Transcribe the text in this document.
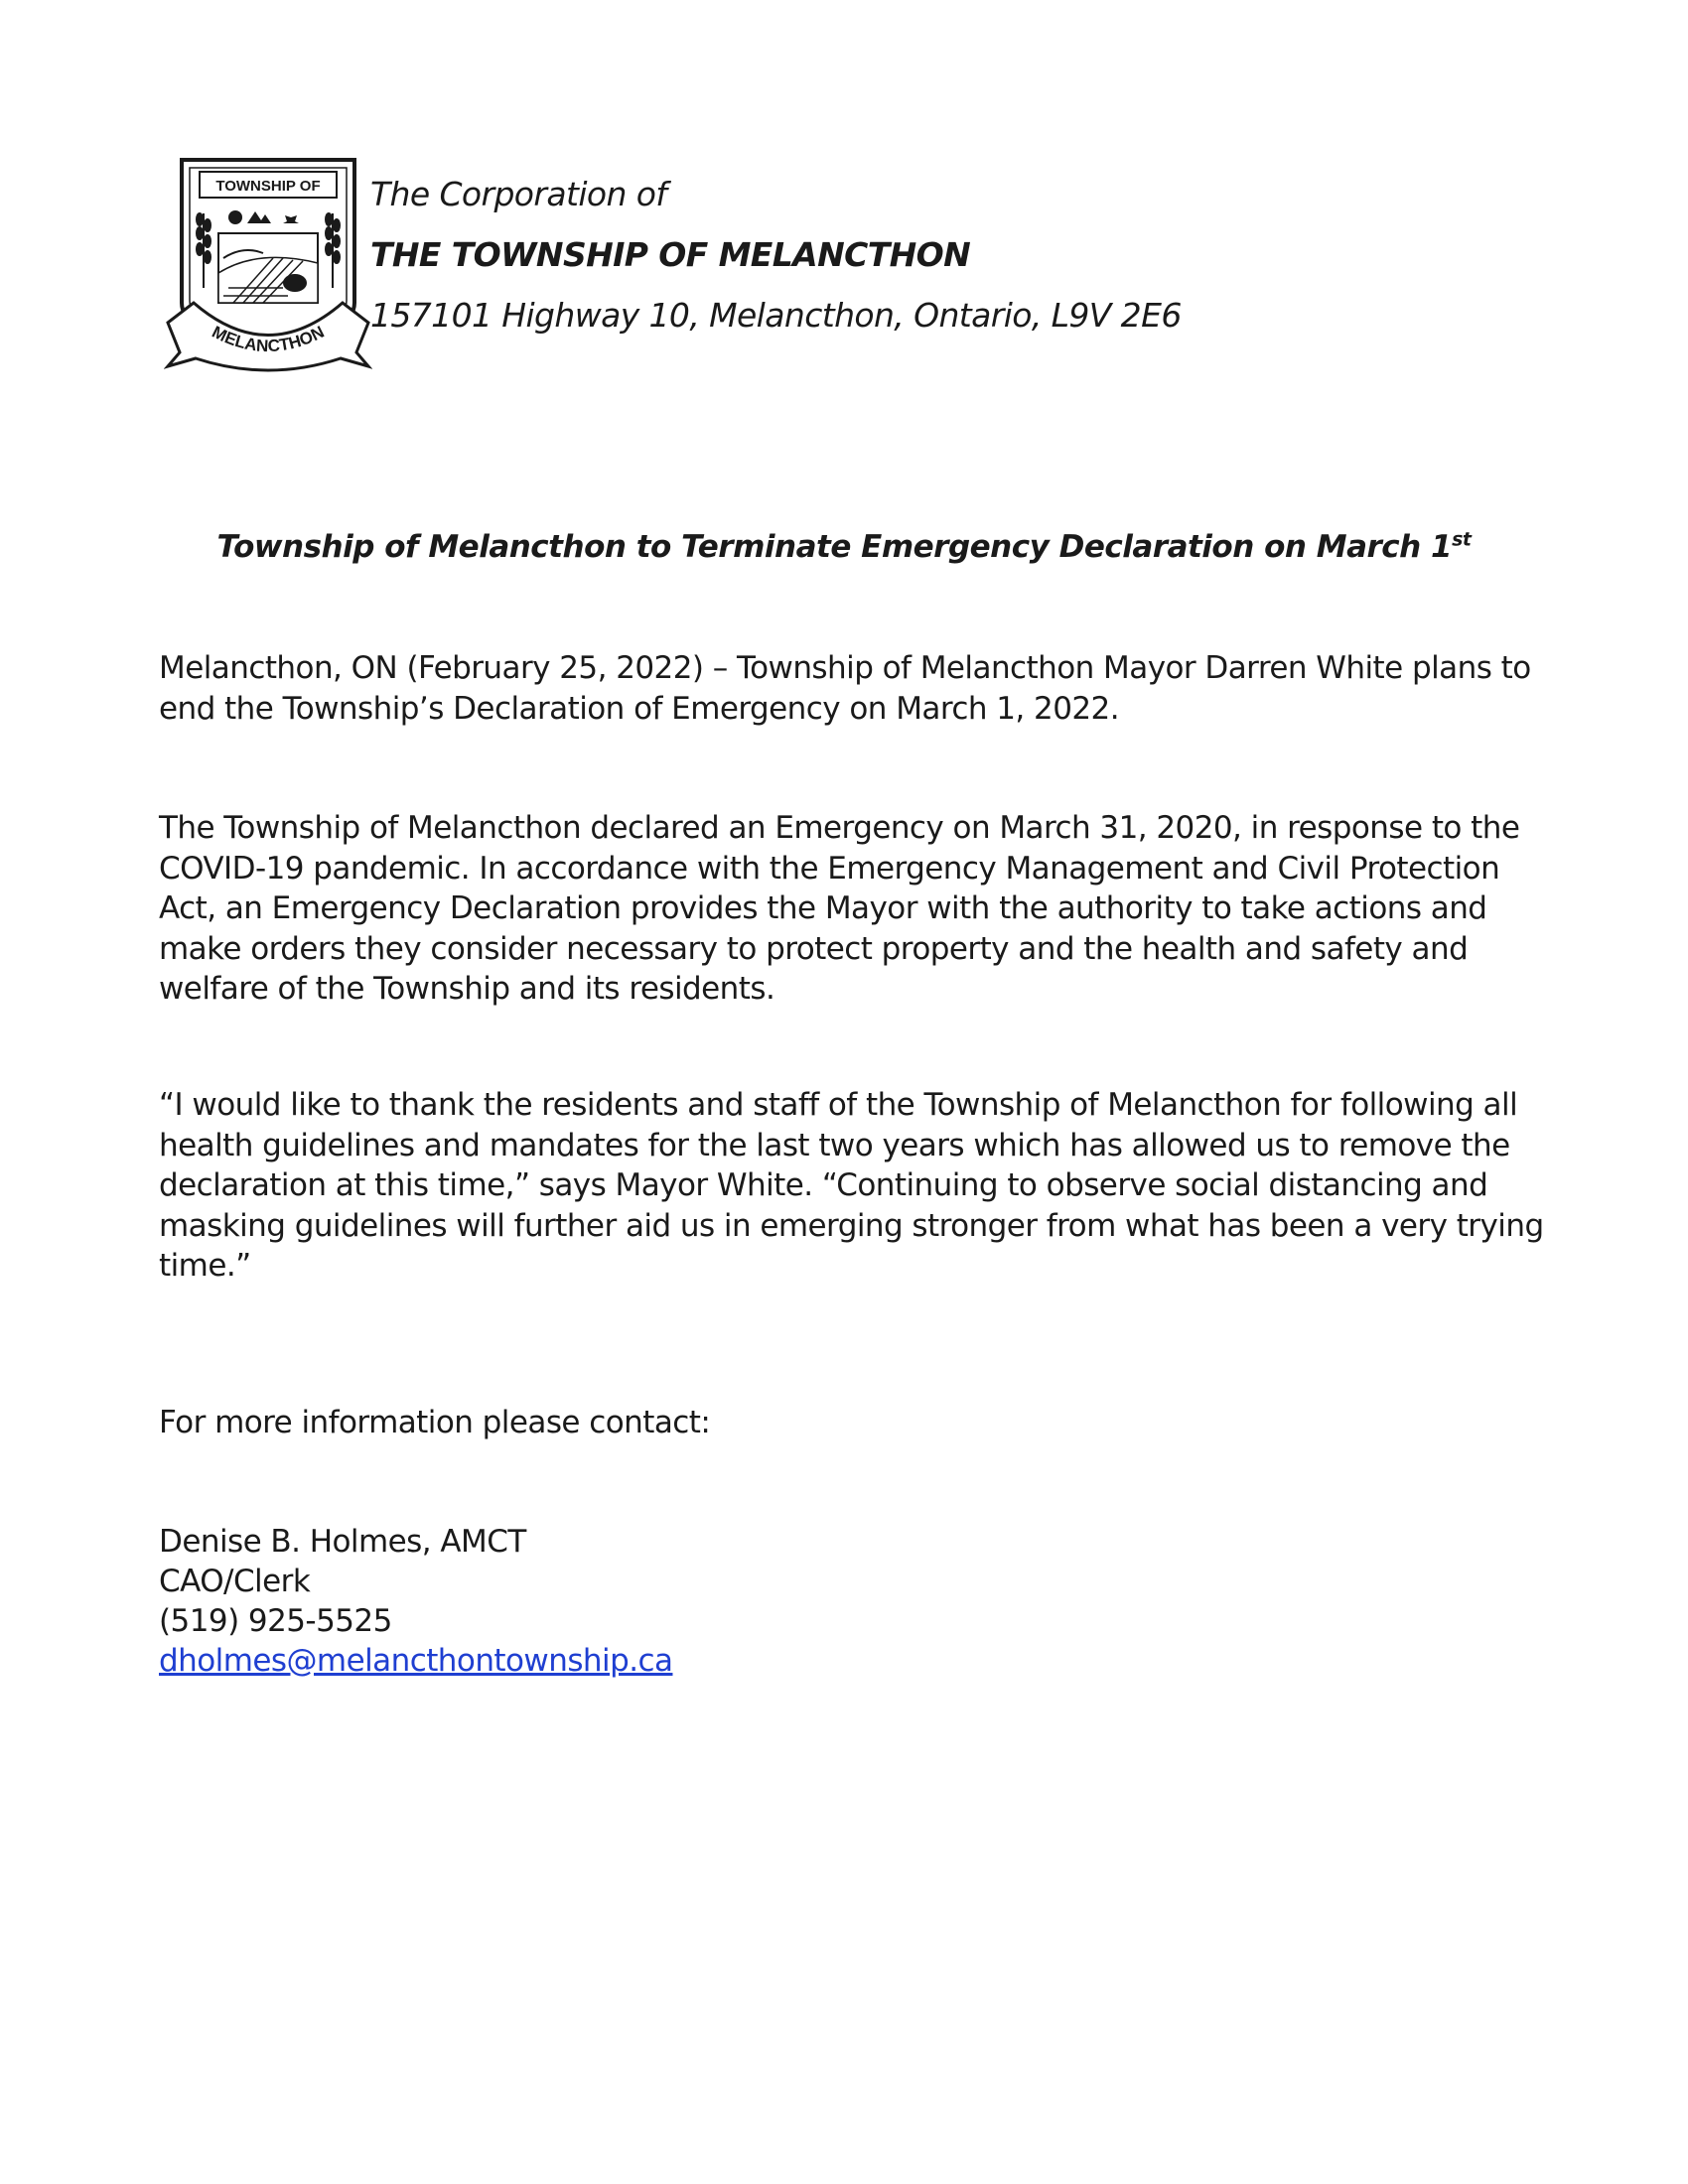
TOWNSHIP OF
MELANCTHON
The Corporation of
THE TOWNSHIP OF MELANCTHON
157101 Highway 10, Melancthon, Ontario, L9V 2E6
Township of Melancthon to Terminate Emergency Declaration on March 1st

Melancthon, ON (February 25, 2022) – Township of Melancthon Mayor Darren White plans to
end the Township’s Declaration of Emergency on March 1, 2022.

The Township of Melancthon declared an Emergency on March 31, 2020, in response to the
COVID-19 pandemic. In accordance with the Emergency Management and Civil Protection
Act, an Emergency Declaration provides the Mayor with the authority to take actions and
make orders they consider necessary to protect property and the health and safety and
welfare of the Township and its residents.

“I would like to thank the residents and staff of the Township of Melancthon for following all
health guidelines and mandates for the last two years which has allowed us to remove the
declaration at this time,” says Mayor White. “Continuing to observe social distancing and
masking guidelines will further aid us in emerging stronger from what has been a very trying
time.”

For more information please contact:

Denise B. Holmes, AMCT
CAO/Clerk
(519) 925-5525
dholmes@melancthontownship.ca
